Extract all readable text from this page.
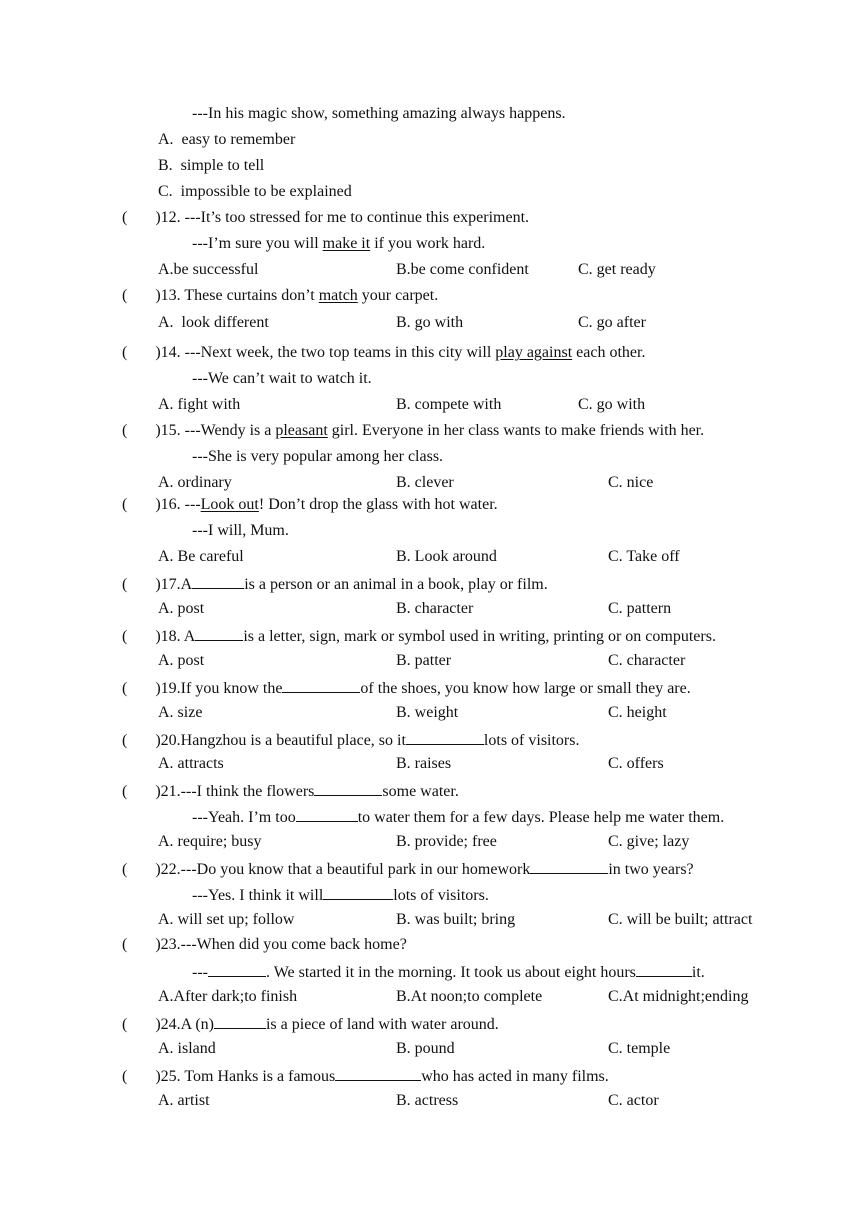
---In his magic show, something amazing always happens.
A.  easy to remember
B.  simple to tell
C.  impossible to be explained
(       )12. ---It’s too stressed for me to continue this experiment.
---I’m sure you will make it if you work hard.
A.be successful	B.be come confident	C. get ready
(       )13. These curtains don’t match your carpet.
A.  look different	B. go with	C. go after
(       )14. ---Next week, the two top teams in this city will play against each other.
---We can’t wait to watch it.
A. fight with	B. compete with	C. go with
(       )15. ---Wendy is a pleasant girl. Everyone in her class wants to make friends with her.
---She is very popular among her class.
A. ordinary	B. clever	C. nice
(       )16. ---Look out! Don’t drop the glass with hot water.
---I will, Mum.
A. Be careful	B. Look around	C. Take off
(       )17.A	is a person or an animal in a book, play or film.
A. post	B. character	C. pattern
(       )18. A	is a letter, sign, mark or symbol used in writing, printing or on computers.
A. post	B. patter	C. character
(       )19.If you know the	of the shoes, you know how large or small they are.
A. size	B. weight	C. height
(       )20.Hangzhou is a beautiful place, so it	lots of visitors.
A. attracts	B. raises	C. offers
(       )21.---I think the flowers	some water.
---Yeah. I’m too	to water them for a few days. Please help me water them.
A. require; busy	B. provide; free	C. give; lazy
(       )22.---Do you know that a beautiful park in our homework	in two years?
---Yes. I think it will	lots of visitors.
A. will set up; follow	B. was built; bring	C. will be built; attract
(       )23.---When did you come back home?
---	. We started it in the morning. It took us about eight hours	it.
A.After dark;to finish	B.At noon;to complete	C.At midnight;ending
(       )24.A (n)	is a piece of land with water around.
A. island	B. pound	C. temple
(       )25. Tom Hanks is a famous	who has acted in many films.
A. artist	B. actress	C. actor
